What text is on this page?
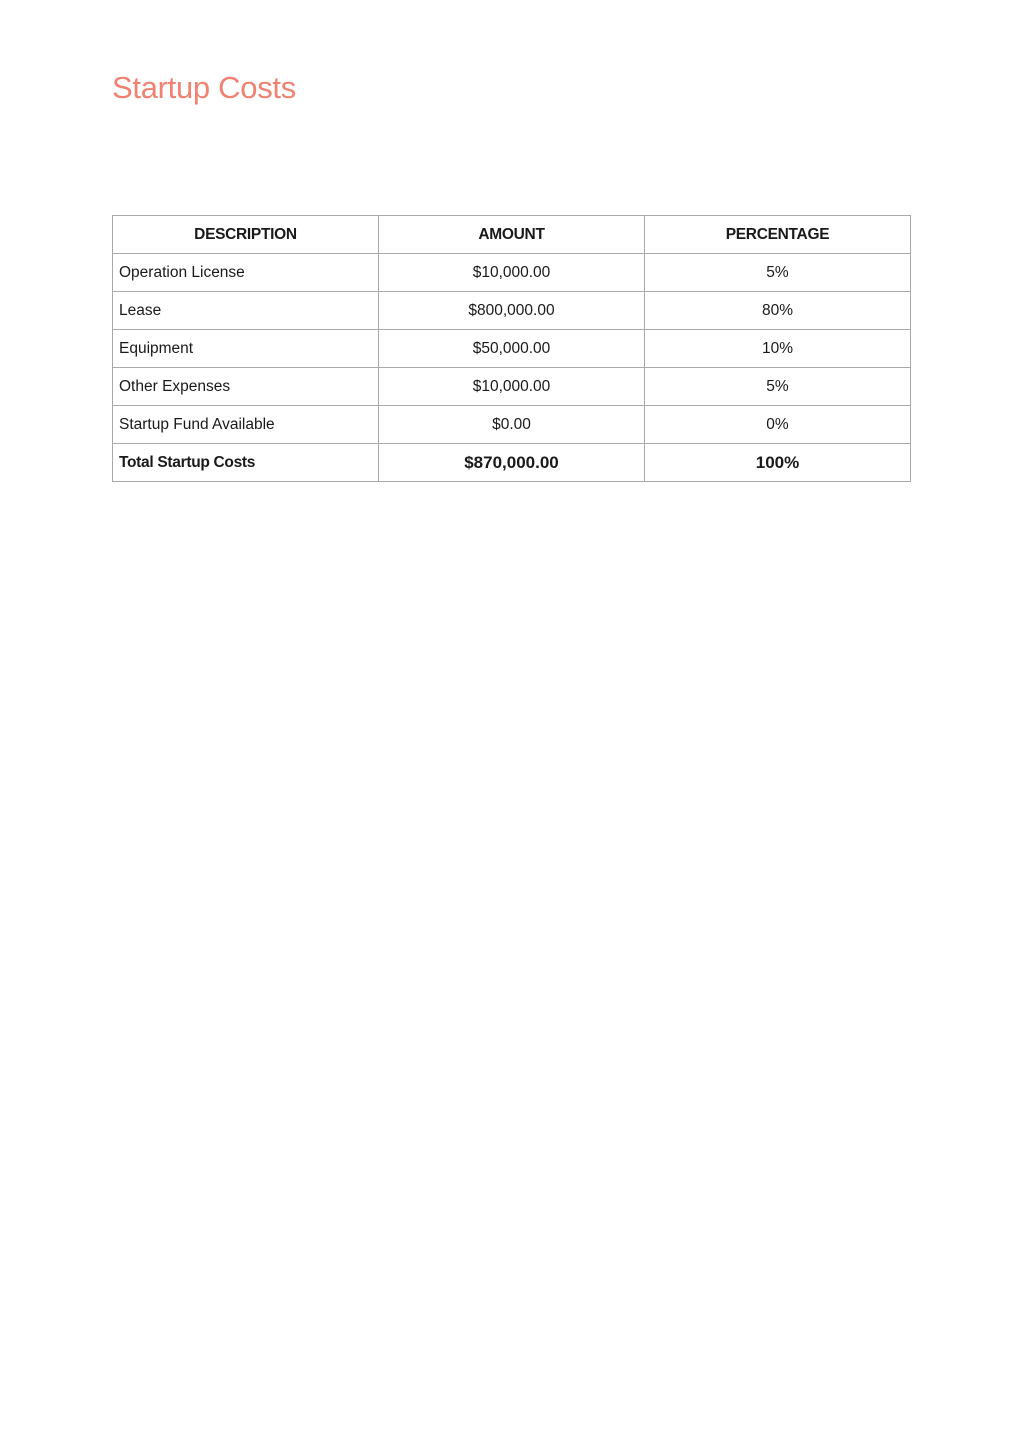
Startup Costs
DESCRIPTION	AMOUNT	PERCENTAGE
Operation License	$10,000.00	5%
Lease	$800,000.00	80%
Equipment	$50,000.00	10%
Other Expenses	$10,000.00	5%
Startup Fund Available	$0.00	0%
Total Startup Costs	$870,000.00	100%
